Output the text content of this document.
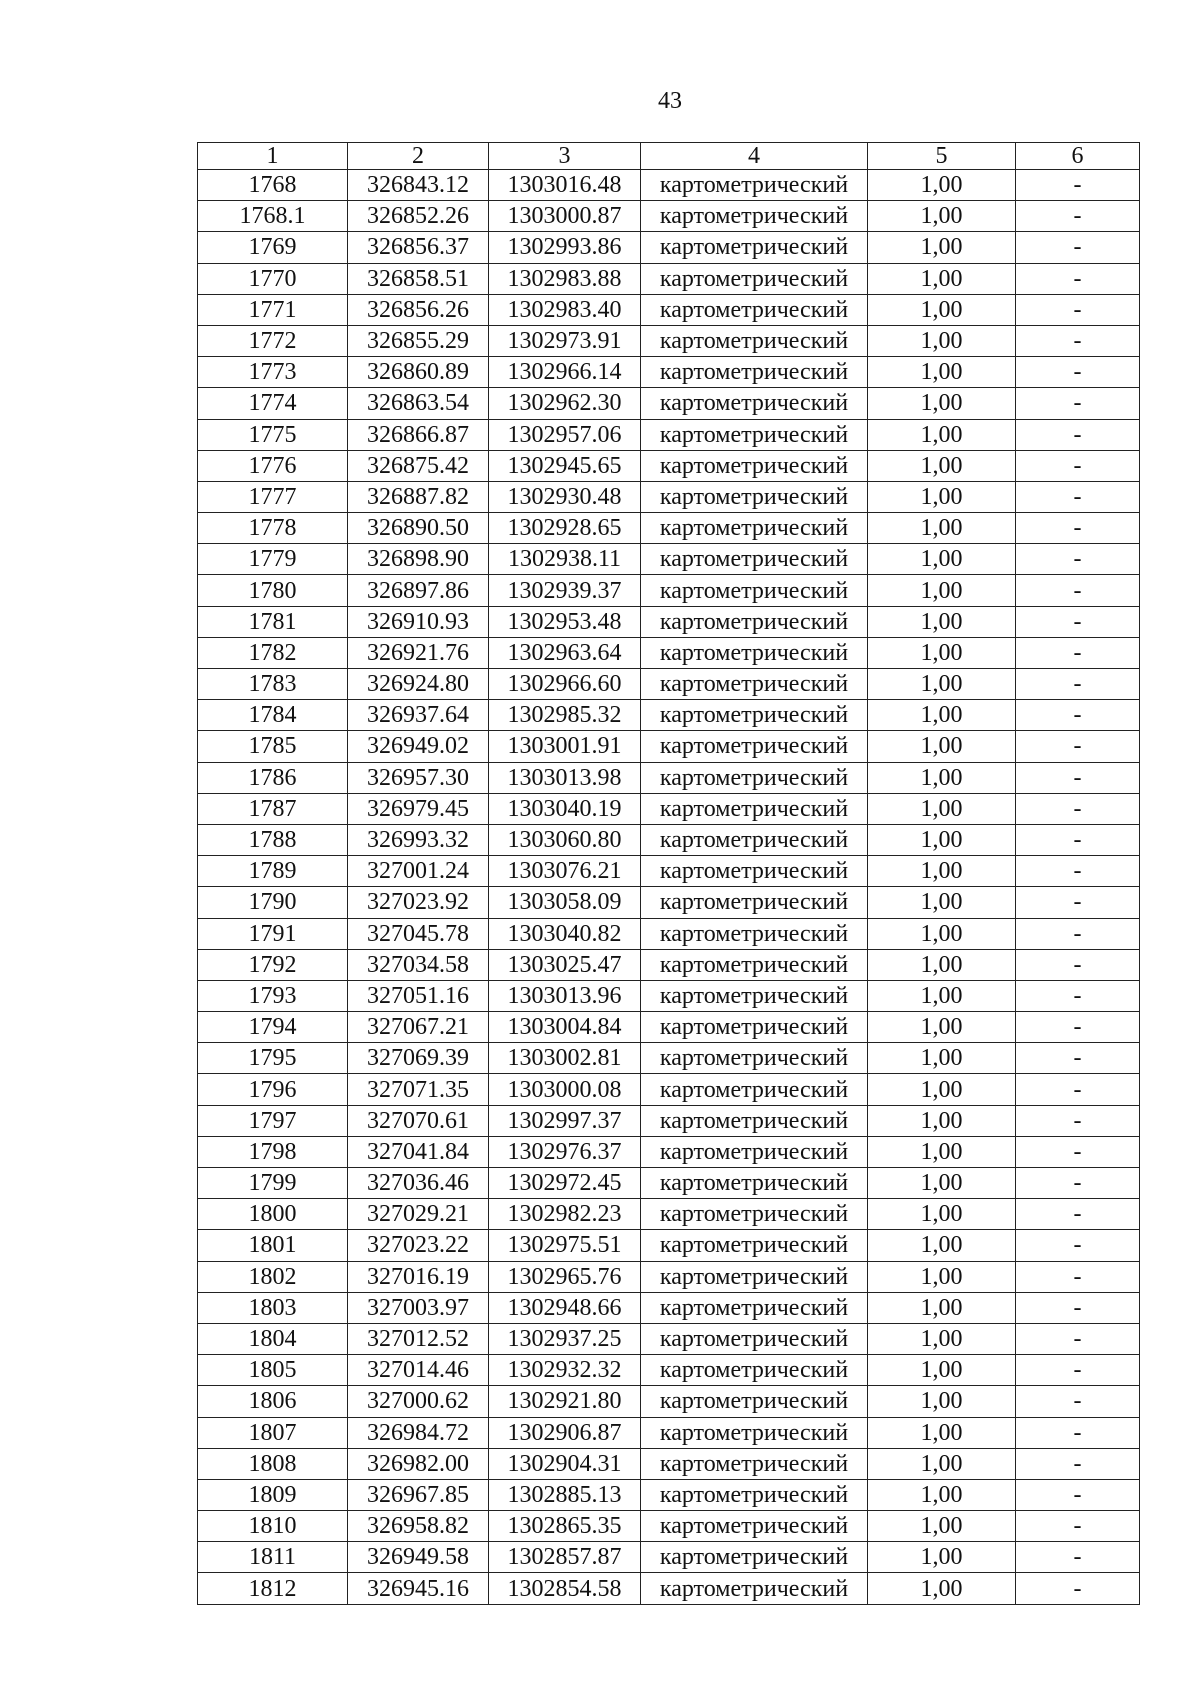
43
1	2	3	4	5	6
1768	326843.12	1303016.48	картометрический	1,00	-
1768.1	326852.26	1303000.87	картометрический	1,00	-
1769	326856.37	1302993.86	картометрический	1,00	-
1770	326858.51	1302983.88	картометрический	1,00	-
1771	326856.26	1302983.40	картометрический	1,00	-
1772	326855.29	1302973.91	картометрический	1,00	-
1773	326860.89	1302966.14	картометрический	1,00	-
1774	326863.54	1302962.30	картометрический	1,00	-
1775	326866.87	1302957.06	картометрический	1,00	-
1776	326875.42	1302945.65	картометрический	1,00	-
1777	326887.82	1302930.48	картометрический	1,00	-
1778	326890.50	1302928.65	картометрический	1,00	-
1779	326898.90	1302938.11	картометрический	1,00	-
1780	326897.86	1302939.37	картометрический	1,00	-
1781	326910.93	1302953.48	картометрический	1,00	-
1782	326921.76	1302963.64	картометрический	1,00	-
1783	326924.80	1302966.60	картометрический	1,00	-
1784	326937.64	1302985.32	картометрический	1,00	-
1785	326949.02	1303001.91	картометрический	1,00	-
1786	326957.30	1303013.98	картометрический	1,00	-
1787	326979.45	1303040.19	картометрический	1,00	-
1788	326993.32	1303060.80	картометрический	1,00	-
1789	327001.24	1303076.21	картометрический	1,00	-
1790	327023.92	1303058.09	картометрический	1,00	-
1791	327045.78	1303040.82	картометрический	1,00	-
1792	327034.58	1303025.47	картометрический	1,00	-
1793	327051.16	1303013.96	картометрический	1,00	-
1794	327067.21	1303004.84	картометрический	1,00	-
1795	327069.39	1303002.81	картометрический	1,00	-
1796	327071.35	1303000.08	картометрический	1,00	-
1797	327070.61	1302997.37	картометрический	1,00	-
1798	327041.84	1302976.37	картометрический	1,00	-
1799	327036.46	1302972.45	картометрический	1,00	-
1800	327029.21	1302982.23	картометрический	1,00	-
1801	327023.22	1302975.51	картометрический	1,00	-
1802	327016.19	1302965.76	картометрический	1,00	-
1803	327003.97	1302948.66	картометрический	1,00	-
1804	327012.52	1302937.25	картометрический	1,00	-
1805	327014.46	1302932.32	картометрический	1,00	-
1806	327000.62	1302921.80	картометрический	1,00	-
1807	326984.72	1302906.87	картометрический	1,00	-
1808	326982.00	1302904.31	картометрический	1,00	-
1809	326967.85	1302885.13	картометрический	1,00	-
1810	326958.82	1302865.35	картометрический	1,00	-
1811	326949.58	1302857.87	картометрический	1,00	-
1812	326945.16	1302854.58	картометрический	1,00	-
